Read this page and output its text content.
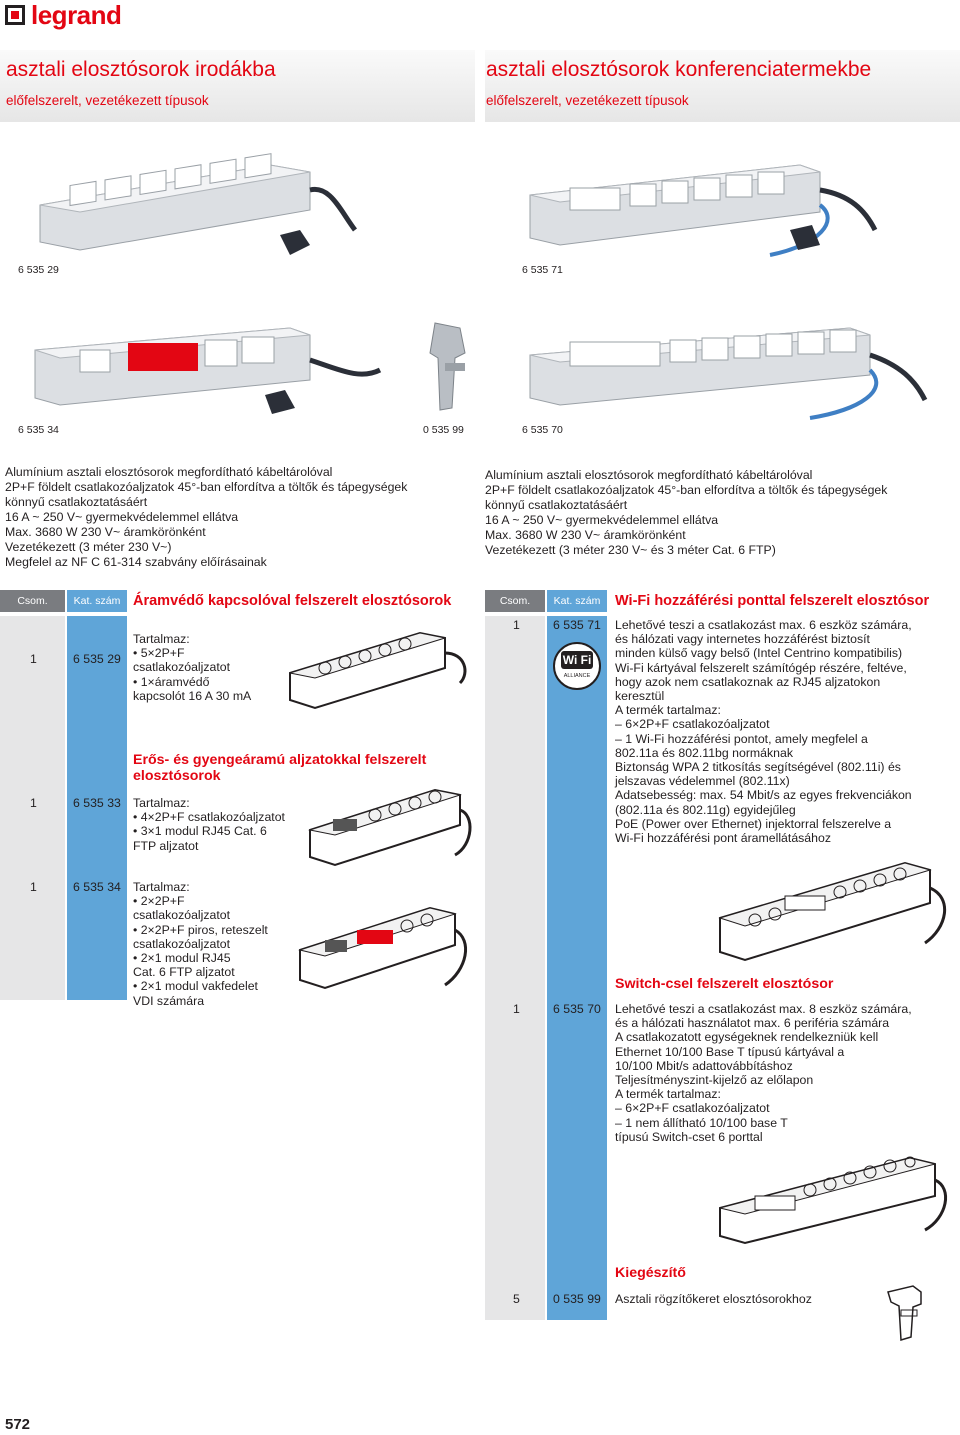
legrand
asztali elosztósorok irodákba
előfelszerelt, vezetékezett típusok
asztali elosztósorok konferenciatermekbe
előfelszerelt, vezetékezett típusok
6 535 29
6 535 34	0 535 99
6 535 71
6 535 70
Alumínium asztali elosztósorok megfordítható kábeltárolóval
2P+F földelt csatlakozóaljzatok 45°-ban elfordítva a töltők és tápegységek
könnyű csatlakoztatásáért
16 A ~ 250 V~ gyermekvédelemmel ellátva
Max. 3680 W 230 V~ áramkörönként
Vezetékezett (3 méter 230 V~)
Megfelel az NF C 61-314 szabvány előírásainak
Alumínium asztali elosztósorok megfordítható kábeltárolóval
2P+F földelt csatlakozóaljzatok 45°-ban elfordítva a töltők és tápegységek
könnyű csatlakoztatásáért
16 A ~ 250 V~ gyermekvédelemmel ellátva
Max. 3680 W 230 V~ áramkörönként
Vezetékezett (3 méter 230 V~ és 3 méter Cat. 6 FTP)
Csom.	Kat. szám Áramvédő kapcsolóval felszerelt elosztósorok
1	6 535 29
Tartalmaz:
• 5×2P+F
csatlakozóaljzatot
• 1×áramvédő
kapcsolót 16 A 30 mA
Erős- és gyengeáramú aljzatokkal felszerelt
elosztósorok
1	6 535 33 Tartalmaz:
• 4×2P+F csatlakozóaljzatot
• 3×1 modul RJ45 Cat. 6
FTP aljzatot
1	6 535 34 Tartalmaz:
• 2×2P+F
csatlakozóaljzatot
• 2×2P+F piros, reteszelt
csatlakozóaljzatot
• 2×1 modul RJ45
Cat. 6 FTP aljzatot
• 2×1 modul vakfedelet
VDI számára
Csom.	Kat. szám	Wi-Fi hozzáférési ponttal felszerelt elosztósor
Wi Fi
ALLIANCE
1	6 535 71 Lehetővé teszi a csatlakozást max. 6 eszköz számára,
és hálózati vagy internetes hozzáférést biztosít
minden külső vagy belső (Intel Centrino kompatibilis)
Wi-Fi kártyával felszerelt számítógép részére, feltéve,
hogy azok nem csatlakoznak az RJ45 aljzatokon
keresztül
A termék tartalmaz:
– 6×2P+F csatlakozóaljzatot
– 1 Wi-Fi hozzáférési pontot, amely megfelel a
802.11a és 802.11bg normáknak
Biztonság WPA 2 titkosítás segítségével (802.11i) és
jelszavas védelemmel (802.11x)
Adatsebesség: max. 54 Mbit/s az egyes frekvenciákon
(802.11a és 802.11g) egyidejűleg
PoE (Power over Ethernet) injektorral felszerelve a
Wi-Fi hozzáférési pont áramellátásához
Switch-csel felszerelt elosztósor
1	6 535 70 Lehetővé teszi a csatlakozást max. 8 eszköz számára,
és a hálózati használatot max. 6 periféria számára
A csatlakozatott egységeknek rendelkezniük kell
Ethernet 10/100 Base T típusú kártyával a
10/100 Mbit/s adattovábbításhoz
Teljesítményszint-kijelző az előlapon
A termék tartalmaz:
– 6×2P+F csatlakozóaljzatot
– 1 nem állítható 10/100 base T
típusú Switch-cset 6 porttal
Kiegészítő
5	0 535 99 Asztali rögzítőkeret elosztósorokhoz
572
